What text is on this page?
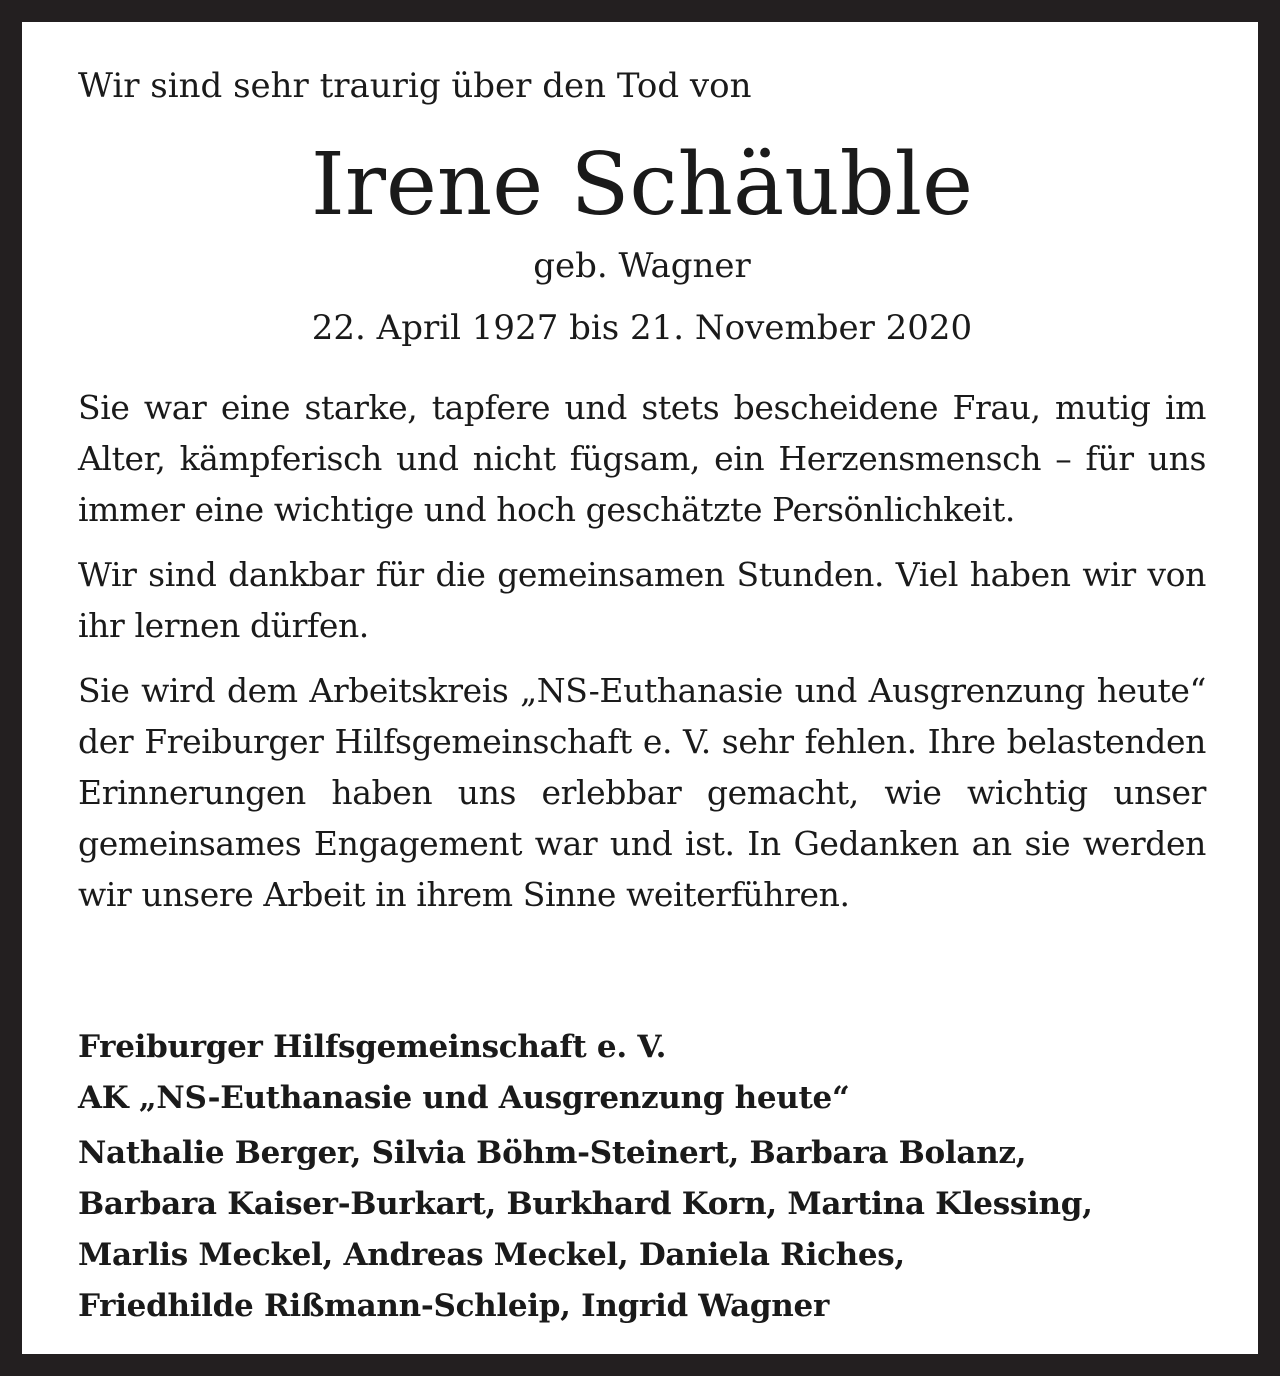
Wir sind sehr traurig über den Tod von
Irene Schäuble
geb. Wagner
22. April 1927 bis 21. November 2020

Sie war eine starke, tapfere und stets bescheidene Frau, mutig im Alter, kämpferisch und nicht fügsam, ein Herzensmensch – für uns immer eine wichtige und hoch geschätzte Persönlichkeit.

Wir sind dankbar für die gemeinsamen Stunden. Viel haben wir von ihr lernen dürfen.

Sie wird dem Arbeitskreis „NS-Euthanasie und Ausgrenzung heute“ der Freiburger Hilfsgemeinschaft e. V. sehr fehlen. Ihre belastenden Erinnerungen haben uns erlebbar gemacht, wie wichtig unser gemeinsames Engagement war und ist. In Gedanken an sie werden wir unsere Arbeit in ihrem Sinne weiterführen.

Freiburger Hilfsgemeinschaft e. V.
AK „NS-Euthanasie und Ausgrenzung heute“
Nathalie Berger, Silvia Böhm-Steinert, Barbara Bolanz,
Barbara Kaiser-Burkart, Burkhard Korn, Martina Klessing,
Marlis Meckel, Andreas Meckel, Daniela Riches,
Friedhilde Rißmann-Schleip, Ingrid Wagner
